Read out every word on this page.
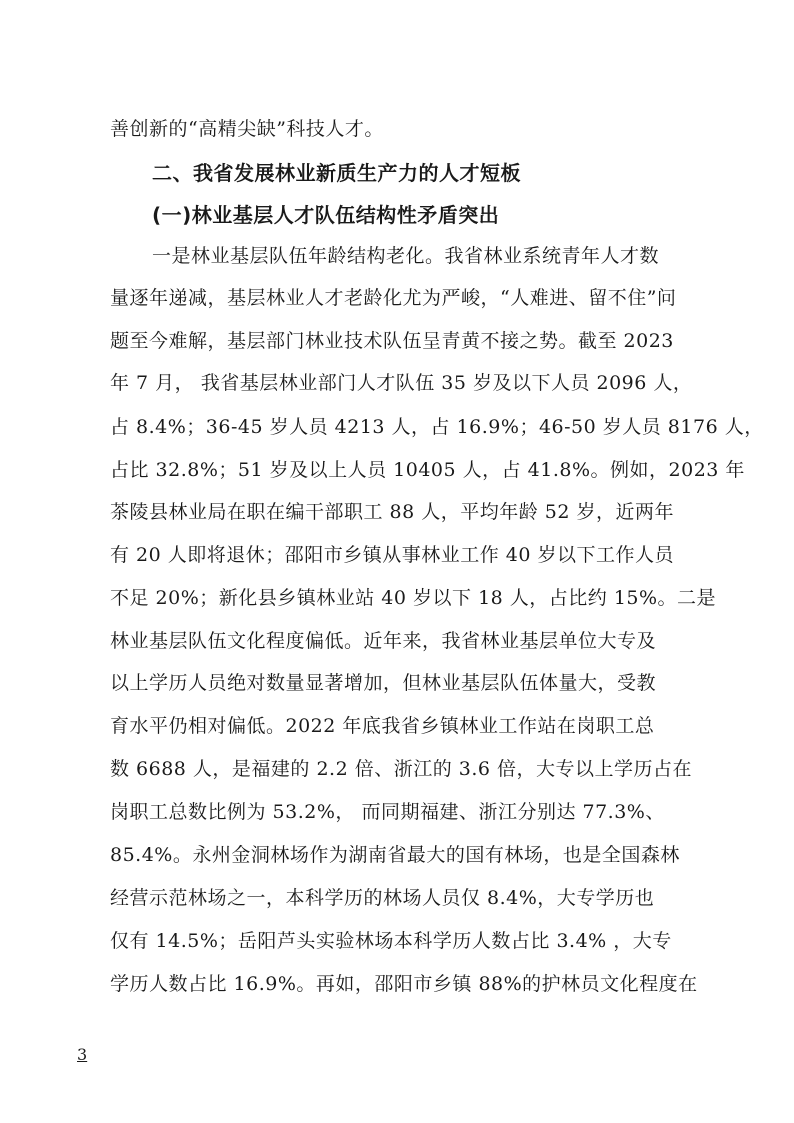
善创新的“高精尖缺”科技人才。
二、我省发展林业新质生产力的人才短板
(一)林业基层人才队伍结构性矛盾突出
一是林业基层队伍年龄结构老化。我省林业系统青年人才数
量逐年递减，基层林业人才老龄化尤为严峻，“人难进、留不住”问
题至今难解，基层部门林业技术队伍呈青黄不接之势。截至 2023
年 7 月， 我省基层林业部门人才队伍 35 岁及以下人员 2096 人，
占 8.4%；36-45 岁人员 4213 人，占 16.9%；46-50 岁人员 8176 人，
占比 32.8%；51 岁及以上人员 10405 人，占 41.8%。例如，2023 年
茶陵县林业局在职在编干部职工 88 人，平均年龄 52 岁，近两年
有 20 人即将退休；邵阳市乡镇从事林业工作 40 岁以下工作人员
不足 20%；新化县乡镇林业站 40 岁以下 18 人，占比约 15%。二是
林业基层队伍文化程度偏低。近年来，我省林业基层单位大专及
以上学历人员绝对数量显著增加，但林业基层队伍体量大，受教
育水平仍相对偏低。2022 年底我省乡镇林业工作站在岗职工总
数 6688 人，是福建的 2.2 倍、浙江的 3.6 倍，大专以上学历占在
岗职工总数比例为 53.2%， 而同期福建、浙江分别达 77.3%、
85.4%。永州金洞林场作为湖南省最大的国有林场，也是全国森林
经营示范林场之一，本科学历的林场人员仅 8.4%，大专学历也
仅有 14.5%；岳阳芦头实验林场本科学历人数占比 3.4% ，大专
学历人数占比 16.9%。再如，邵阳市乡镇 88%的护林员文化程度在
3
